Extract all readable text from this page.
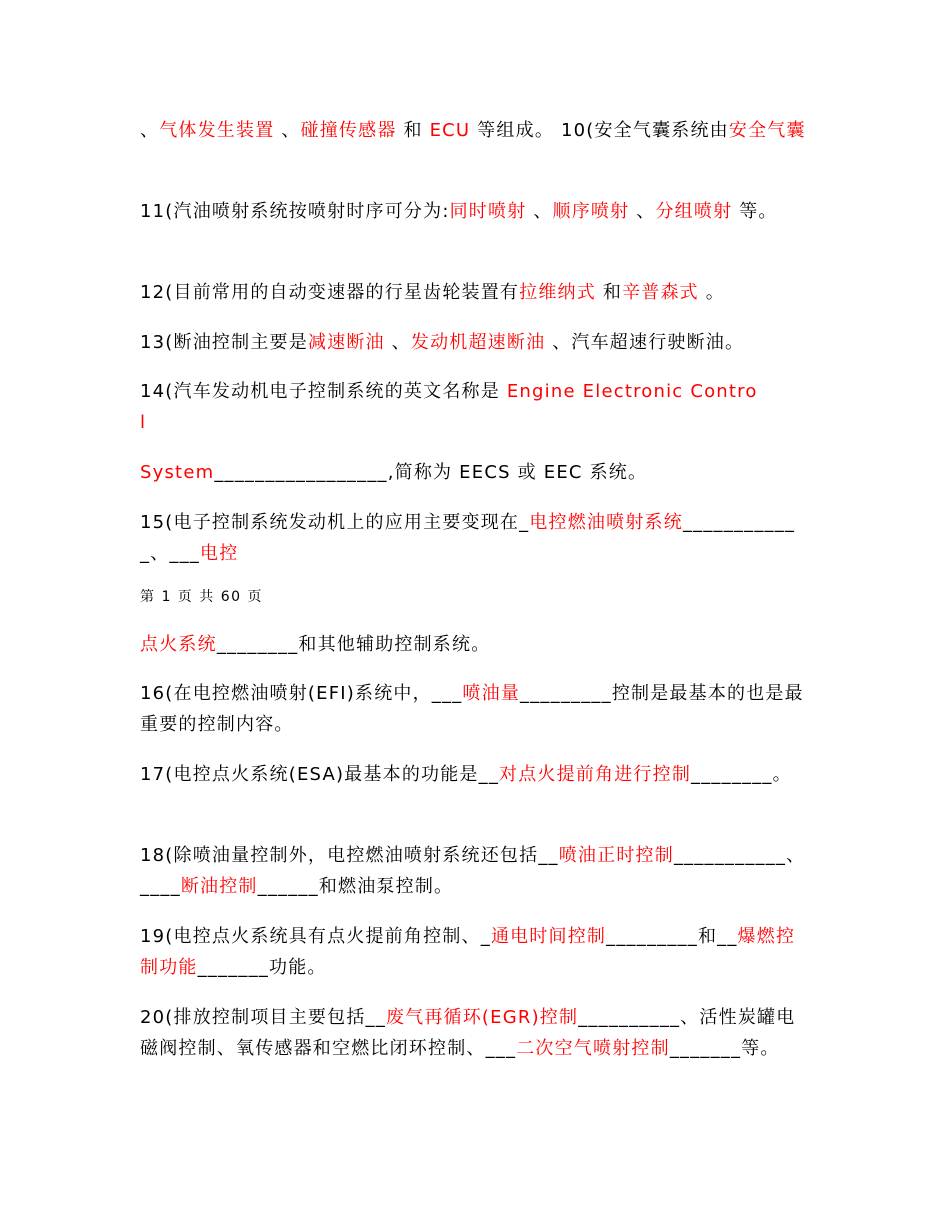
、气体发生装置 、碰撞传感器 和 ECU 等组成。 10(安全气囊系统由安全气囊

11(汽油喷射系统按喷射时序可分为:同时喷射 、顺序喷射 、分组喷射 等。

12(目前常用的自动变速器的行星齿轮装置有拉维纳式 和辛普森式 。

13(断油控制主要是减速断油 、发动机超速断油 、汽车超速行驶断油。

14(汽车发动机电子控制系统的英文名称是 Engine Electronic Control

System_________________,简称为 EECS 或 EEC 系统。

15(电子控制系统发动机上的应用主要变现在_电控燃油喷射系统____________、___电控

第 1 页 共 60 页

点火系统________和其他辅助控制系统。

16(在电控燃油喷射(EFI)系统中，___喷油量_________控制是最基本的也是最重要的控制内容。

17(电控点火系统(ESA)最基本的功能是__对点火提前角进行控制________。

18(除喷油量控制外，电控燃油喷射系统还包括__喷油正时控制___________、____断油控制______和燃油泵控制。

19(电控点火系统具有点火提前角控制、_通电时间控制_________和__爆燃控制功能_______功能。

20(排放控制项目主要包括__废气再循环(EGR)控制__________、活性炭罐电磁阀控制、氧传感器和空燃比闭环控制、___二次空气喷射控制_______等。
